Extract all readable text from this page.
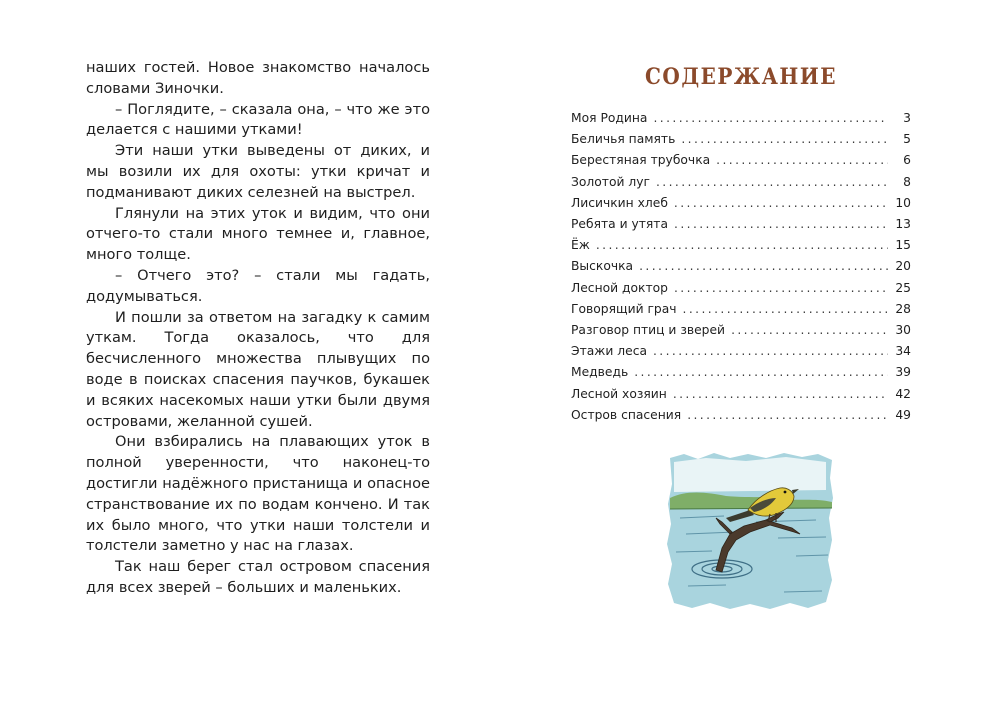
наших гостей. Новое знакомство началось словами Зиночки.

– Поглядите, – сказала она, – что же это делается с нашими утками!

Эти наши утки выведены от диких, и мы возили их для охоты: утки кричат и подманивают диких селезней на выстрел.

Глянули на этих уток и видим, что они отчего-то стали много темнее и, главное, много толще.

– Отчего это? – стали мы гадать, додумываться.

И пошли за ответом на загадку к самим уткам. Тогда оказалось, что для бесчисленного множества плывущих по воде в поисках спасения паучков, букашек и всяких насекомых наши утки были двумя островами, желанной сушей.

Они взбирались на плавающих уток в полной уверенности, что наконец-то достигли надёжного пристанища и опасное странствование их по водам кончено. И так их было много, что утки наши толстели и толстели заметно у нас на глазах.

Так наш берег стал островом спасения для всех зверей – больших и маленьких.

СОДЕРЖАНИЕ
Моя Родина .....	3
Беличья память .....	5
Берестяная трубочка .....	6
Золотой луг .....	8
Лисичкин хлеб .....	10
Ребята и утята .....	13
Ёж .....	15
Выскочка .....	20
Лесной доктор .....	25
Говорящий грач .....	28
Разговор птиц и зверей .....	30
Этажи леса .....	34
Медведь .....	39
Лесной хозяин .....	42
Остров спасения .....	49
